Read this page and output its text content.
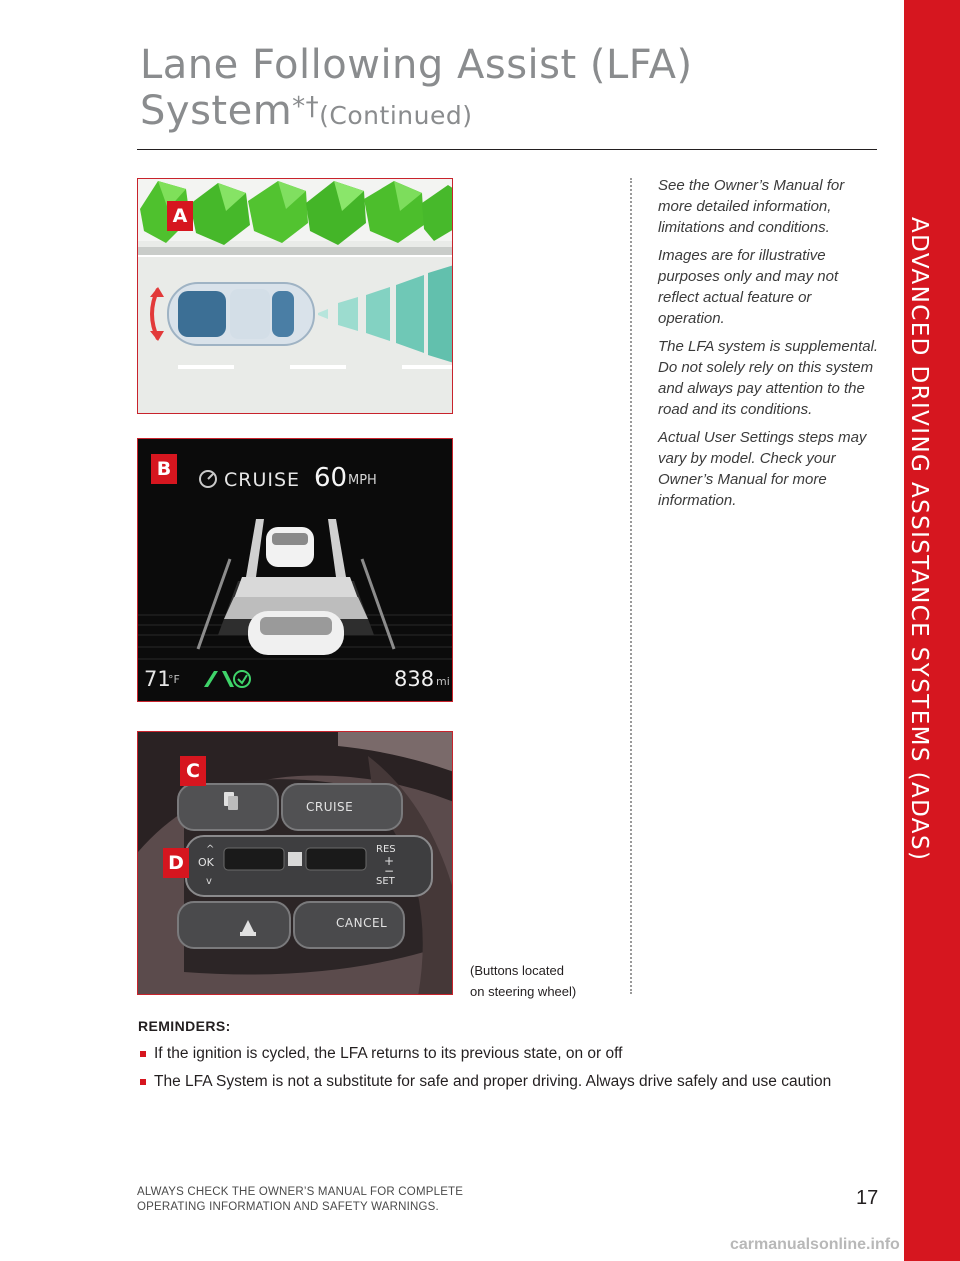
Lane Following Assist (LFA)
System*†(Continued)
ADVANCED DRIVING ASSISTANCE SYSTEMS (ADAS)
A
CRUISE 60 MPH
71
°F	838 mi
B
^
v
CRUISE
CANCEL
OK
RES
+
−
SET
C
D

See the Owner’s Manual for more detailed information, limitations and conditions.

Images are for illustrative purposes only and may not reflect actual feature or operation.

The LFA system is supplemental. Do not solely rely on this system and always pay attention to the road and its conditions.

Actual User Settings steps may vary by model. Check your Owner’s Manual for more information.

(Buttons located
on steering wheel)
REMINDERS:
If the ignition is cycled, the LFA returns to its previous state, on or off
The LFA System is not a substitute for safe and proper driving. Always drive safely and use caution
ALWAYS CHECK THE OWNER’S MANUAL FOR COMPLETE
OPERATING INFORMATION AND SAFETY WARNINGS.	17
carmanualsonline.info
